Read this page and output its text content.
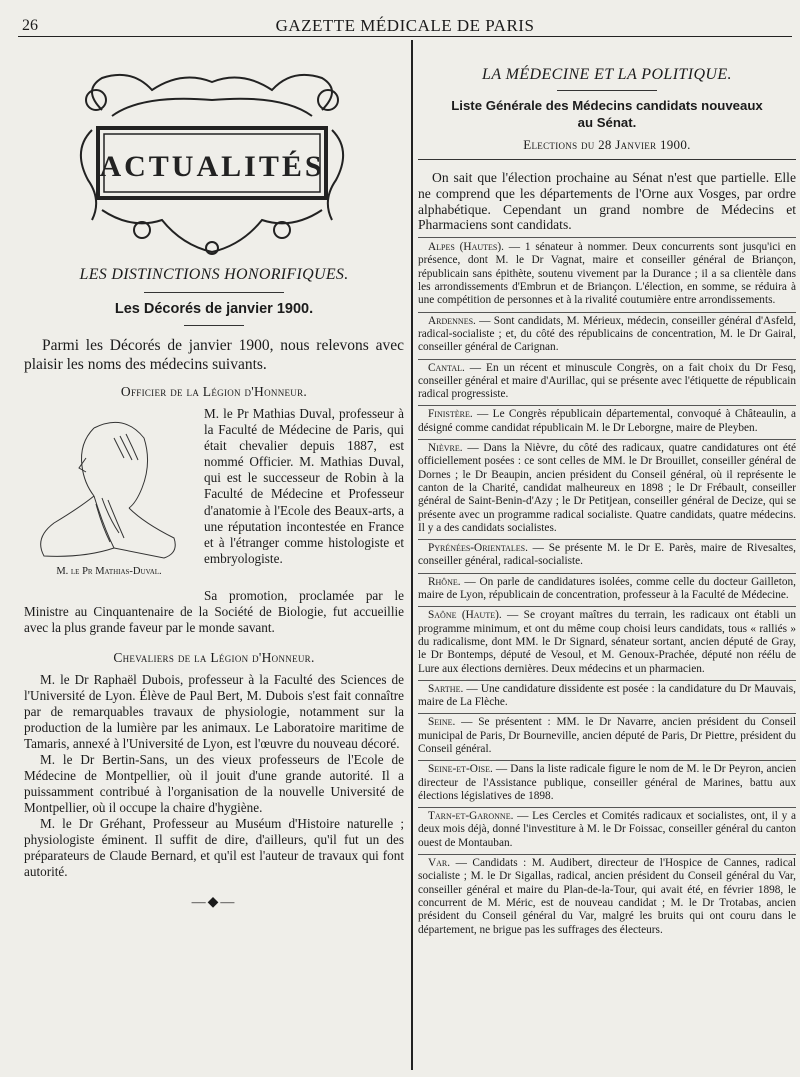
26	GAZETTE MÉDICALE DE PARIS
ACTUALITÉS
LES DISTINCTIONS HONORIFIQUES.
Les Décorés de janvier 1900.

Parmi les Décorés de janvier 1900, nous relevons avec plaisir les noms des médecins suivants.

Officier de la Légion d'Honneur.
M. le Pr Mathias-Duval.

M. le Pr Mathias Duval, professeur à la Faculté de Médecine de Paris, qui était chevalier depuis 1887, est nommé Officier. M. Mathias Duval, qui est le successeur de Robin à la Faculté de Médecine et Professeur d'anatomie à l'Ecole des Beaux-arts, a une réputation incontestée en France et à l'étranger comme histologiste et embryologiste.

Sa promotion, proclamée par le Ministre au Cinquantenaire de la Société de Biologie, fut accueillie avec la plus grande faveur par le monde savant.

Chevaliers de la Légion d'Honneur.

M. le Dr Raphaël Dubois, professeur à la Faculté des Sciences de l'Université de Lyon. Élève de Paul Bert, M. Dubois s'est fait connaître par de remarquables travaux de physiologie, notamment sur la production de la lumière par les animaux. Le Laboratoire maritime de Tamaris, annexé à l'Université de Lyon, est l'œuvre du nouveau décoré.

M. le Dr Bertin-Sans, un des vieux professeurs de l'Ecole de Médecine de Montpellier, où il jouit d'une grande autorité. Il a puissamment contribué à l'organisation de la nouvelle Université de Montpellier, où il occupe la chaire d'hygiène.

M. le Dr Gréhant, Professeur au Muséum d'Histoire naturelle ; physiologiste éminent. Il suffit de dire, d'ailleurs, qu'il fut un des préparateurs de Claude Bernard, et qu'il est l'auteur de travaux qui font autorité.

—◆—
LA MÉDECINE ET LA POLITIQUE.
Liste Générale des Médecins candidats nouveaux
au Sénat.
Elections du 28 Janvier 1900.

On sait que l'élection prochaine au Sénat n'est que partielle. Elle ne comprend que les départements de l'Orne aux Vosges, par ordre alphabétique. Cependant un grand nombre de Médecins et Pharmaciens sont candidats.

Alpes (Hautes). — 1 sénateur à nommer. Deux concurrents sont jusqu'ici en présence, dont M. le Dr Vagnat, maire et conseiller général de Briançon, républicain sans épithète, soutenu vivement par la Durance ; il a sa clientèle dans les arrondissements d'Embrun et de Briançon. L'élection, en somme, se réduira à une compétition de personnes et à la rivalité coutumière entre arrondissements.

Ardennes. — Sont candidats, M. Mérieux, médecin, conseiller général d'Asfeld, radical-socialiste ; et, du côté des républicains de concentration, M. le Dr Gairal, conseiller général de Carignan.

Cantal. — En un récent et minuscule Congrès, on a fait choix du Dr Fesq, conseiller général et maire d'Aurillac, qui se présente avec l'étiquette de républicain radical progressiste.

Finistère. — Le Congrès républicain départemental, convoqué à Châteaulin, a désigné comme candidat républicain M. le Dr Leborgne, maire de Pleyben.

Nièvre. — Dans la Nièvre, du côté des radicaux, quatre candidatures ont été officiellement posées : ce sont celles de MM. le Dr Brouillet, conseiller général de Dornes ; le Dr Beaupin, ancien président du Conseil général, où il représente le canton de la Charité, candidat malheureux en 1898 ; le Dr Frébault, conseiller général de Saint-Benin-d'Azy ; le Dr Petitjean, conseiller général de Decize, qui se présente avec un programme radical socialiste. Quatre candidats, quatre médecins. Il y a des candidats socialistes.

Pyrénées-Orientales. — Se présente M. le Dr E. Parès, maire de Rivesaltes, conseiller général, radical-socialiste.

Rhône. — On parle de candidatures isolées, comme celle du docteur Gailleton, maire de Lyon, républicain de concentration, professeur à la Faculté de Médecine.

Saône (Haute). — Se croyant maîtres du terrain, les radicaux ont établi un programme minimum, et ont du même coup choisi leurs candidats, tous « ralliés » du radicalisme, dont MM. le Dr Signard, sénateur sortant, ancien député de Gray, le Dr Bontemps, député de Vesoul, et M. Genoux-Prachée, député non réélu de Lure aux élections dernières. Deux médecins et un pharmacien.

Sarthe. — Une candidature dissidente est posée : la candidature du Dr Mauvais, maire de La Flèche.

Seine. — Se présentent : MM. le Dr Navarre, ancien président du Conseil municipal de Paris, Dr Bourneville, ancien député de Paris, Dr Piettre, président du Conseil général.

Seine-et-Oise. — Dans la liste radicale figure le nom de M. le Dr Peyron, ancien directeur de l'Assistance publique, conseiller général de Marines, battu aux élections législatives de 1898.

Tarn-et-Garonne. — Les Cercles et Comités radicaux et socialistes, ont, il y a deux mois déjà, donné l'investiture à M. le Dr Foissac, conseiller général du canton ouest de Montauban.

Var. — Candidats : M. Audibert, directeur de l'Hospice de Cannes, radical socialiste ; M. le Dr Sigallas, radical, ancien président du Conseil général du Var, conseiller général et maire du Plan-de-la-Tour, qui avait été, en février 1898, le concurrent de M. Méric, est de nouveau candidat ; M. le Dr Trotabas, ancien président du Conseil général du Var, malgré les bruits qui ont couru dans le département, ne brigue pas les suffrages des électeurs.
